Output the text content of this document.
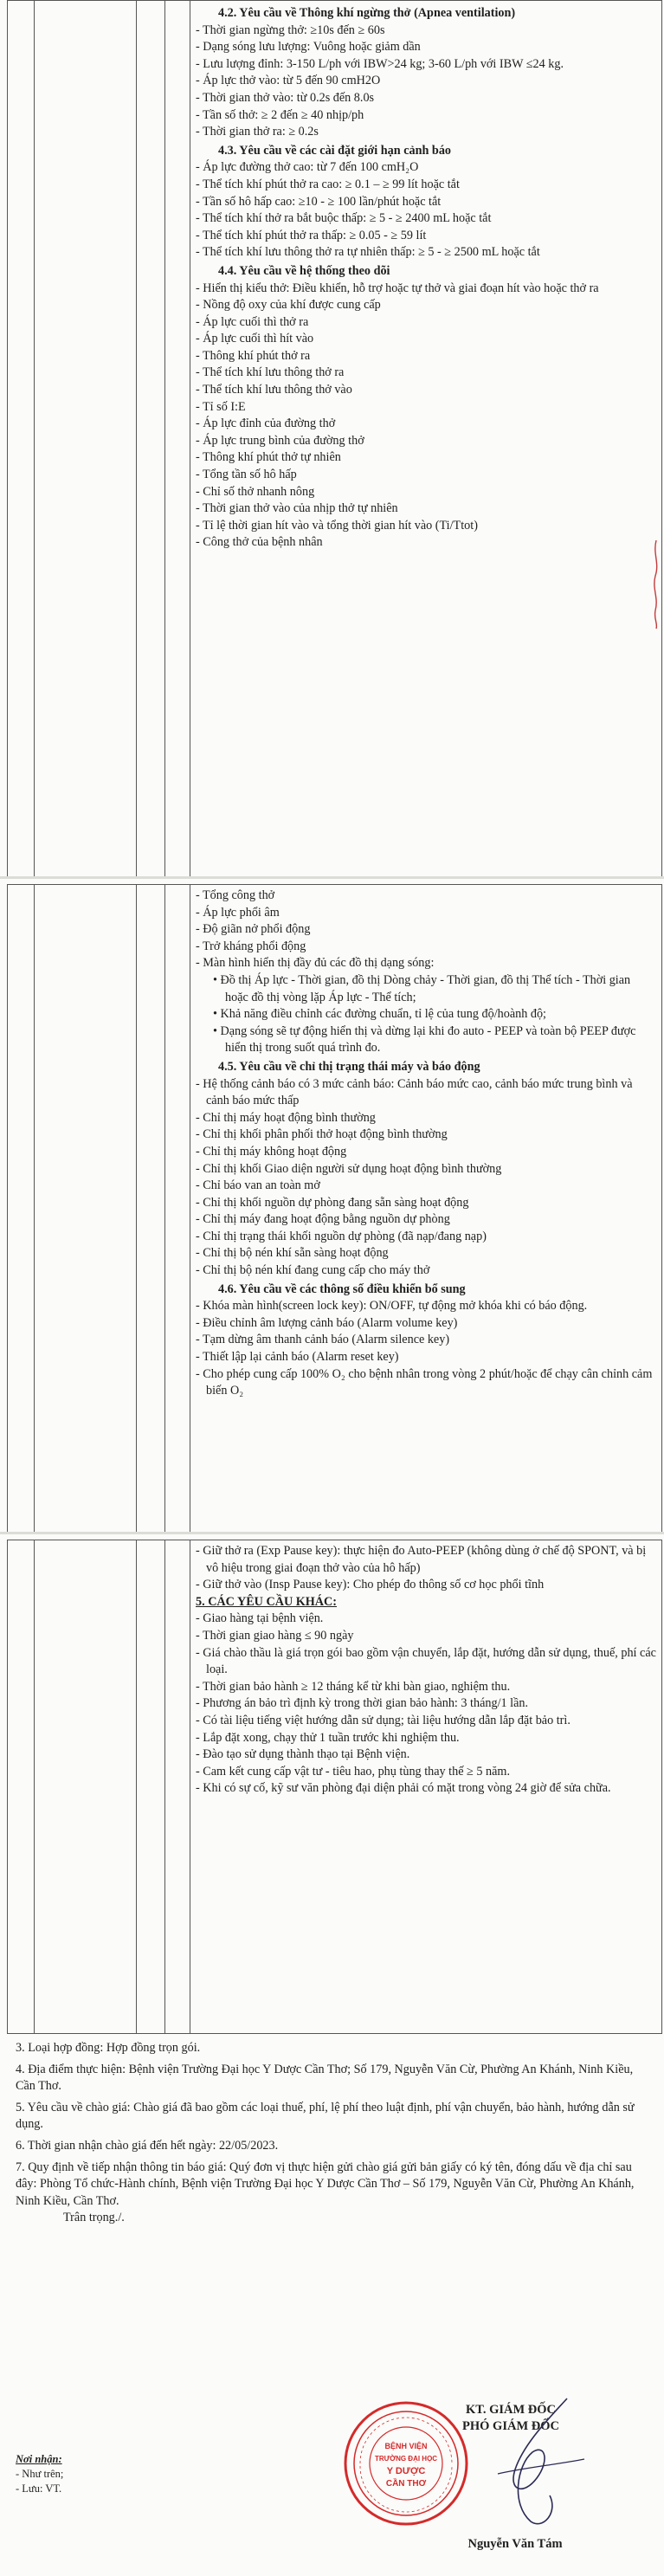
4.2. Yêu cầu về Thông khí ngừng thở (Apnea ventilation)

- Thời gian ngừng thở: ≥10s đến ≥ 60s

- Dạng sóng lưu lượng: Vuông hoặc giảm dần

- Lưu lượng đỉnh: 3-150 L/ph với IBW>24 kg; 3-60 L/ph với IBW ≤24 kg.

- Áp lực thở vào: từ 5 đến 90 cmH2O

- Thời gian thở vào: từ 0.2s đến 8.0s

- Tần số thở: ≥ 2 đến ≥ 40 nhịp/ph

- Thời gian thở ra: ≥ 0.2s

4.3. Yêu cầu về các cài đặt giới hạn cảnh báo

- Áp lực đường thở cao: từ 7 đến 100 cmH₂O

- Thể tích khí phút thở ra cao: ≥ 0.1 – ≥ 99 lít hoặc tắt

- Tần số hô hấp cao: ≥10 - ≥ 100 lần/phút hoặc tắt

- Thể tích khí thở ra bắt buộc thấp: ≥ 5 - ≥ 2400 mL hoặc tắt

- Thể tích khí phút thở ra thấp: ≥ 0.05 - ≥ 59 lít

- Thể tích khí lưu thông thở ra tự nhiên thấp: ≥ 5 - ≥ 2500 mL hoặc tắt

4.4. Yêu cầu về hệ thống theo dõi

- Hiển thị kiểu thở: Điều khiển, hỗ trợ hoặc tự thở và giai đoạn hít vào hoặc thở ra

- Nồng độ oxy của khí được cung cấp

- Áp lực cuối thì thở ra

- Áp lực cuối thì hít vào

- Thông khí phút thở ra

- Thể tích khí lưu thông thở ra

- Thể tích khí lưu thông thở vào

- Tỉ số I:E

- Áp lực đỉnh của đường thở

- Áp lực trung bình của đường thở

- Thông khí phút thở tự nhiên

- Tổng tần số hô hấp

- Chỉ số thở nhanh nông

- Thời gian thở vào của nhịp thở tự nhiên

- Tỉ lệ thời gian hít vào và tổng thời gian hít vào (Ti/Ttot)

- Công thở của bệnh nhân

- Tổng công thở

- Áp lực phổi âm

- Độ giãn nở phổi động

- Trở kháng phổi động

- Màn hình hiển thị đầy đủ các đồ thị dạng sóng:

• Đồ thị Áp lực - Thời gian, đồ thị Dòng chảy - Thời gian, đồ thị Thể tích - Thời gian hoặc đồ thị vòng lặp Áp lực - Thể tích;

• Khả năng điều chỉnh các đường chuẩn, tỉ lệ của tung độ/hoành độ;

• Dạng sóng sẽ tự động hiển thị và dừng lại khi đo auto - PEEP và toàn bộ PEEP được hiển thị trong suốt quá trình đo.

4.5. Yêu cầu về chỉ thị trạng thái máy và báo động

- Hệ thống cảnh báo có 3 mức cảnh báo: Cảnh báo mức cao, cảnh báo mức trung bình và cảnh báo mức thấp

- Chỉ thị máy hoạt động bình thường

- Chỉ thị khối phân phối thở hoạt động bình thường

- Chỉ thị máy không hoạt động

- Chỉ thị khối Giao diện người sử dụng hoạt động bình thường

- Chỉ báo van an toàn mở

- Chỉ thị khối nguồn dự phòng đang sẵn sàng hoạt động

- Chỉ thị máy đang hoạt động bằng nguồn dự phòng

- Chỉ thị trạng thái khối nguồn dự phòng (đã nạp/đang nạp)

- Chỉ thị bộ nén khí sẵn sàng hoạt động

- Chỉ thị bộ nén khí đang cung cấp cho máy thở

4.6. Yêu cầu về các thông số điều khiển bổ sung

- Khóa màn hình(screen lock key): ON/OFF, tự động mở khóa khi có báo động.

- Điều chỉnh âm lượng cảnh báo (Alarm volume key)

- Tạm dừng âm thanh cảnh báo (Alarm silence key)

- Thiết lập lại cảnh báo (Alarm reset key)

- Cho phép cung cấp 100% O₂ cho bệnh nhân trong vòng 2 phút/hoặc để chạy cân chỉnh cảm biến O₂

- Giữ thở ra (Exp Pause key): thực hiện đo Auto-PEEP (không dùng ở chế độ SPONT, và bị vô hiệu trong giai đoạn thở vào của hô hấp)

- Giữ thở vào (Insp Pause key): Cho phép đo thông số cơ học phổi tĩnh

5. CÁC YÊU CẦU KHÁC:

- Giao hàng tại bệnh viện.

- Thời gian giao hàng ≤ 90 ngày

- Giá chào thầu là giá trọn gói bao gồm vận chuyển, lắp đặt, hướng dẫn sử dụng, thuế, phí các loại.

- Thời gian bảo hành ≥ 12 tháng kể từ khi bàn giao, nghiệm thu.

- Phương án bảo trì định kỳ trong thời gian bảo hành: 3 tháng/1 lần.

- Có tài liệu tiếng việt hướng dẫn sử dụng; tài liệu hướng dẫn lắp đặt bảo trì.

- Lắp đặt xong, chạy thử 1 tuần trước khi nghiệm thu.

- Đào tạo sử dụng thành thạo tại Bệnh viện.

- Cam kết cung cấp vật tư - tiêu hao, phụ tùng thay thế ≥ 5 năm.

- Khi có sự cố, kỹ sư văn phòng đại diện phải có mặt trong vòng 24 giờ để sửa chữa.

3. Loại hợp đồng: Hợp đồng trọn gói.

4. Địa điểm thực hiện: Bệnh viện Trường Đại học Y Dược Cần Thơ; Số 179, Nguyễn Văn Cừ, Phường An Khánh, Ninh Kiều, Cần Thơ.

5. Yêu cầu về chào giá: Chào giá đã bao gồm các loại thuế, phí, lệ phí theo luật định, phí vận chuyển, bảo hành, hướng dẫn sử dụng.

6. Thời gian nhận chào giá đến hết ngày: 22/05/2023.

7. Quy định về tiếp nhận thông tin báo giá: Quý đơn vị thực hiện gửi chào giá gửi bản giấy có ký tên, đóng dấu về địa chỉ sau đây: Phòng Tổ chức-Hành chính, Bệnh viện Trường Đại học Y Dược Cần Thơ – Số 179, Nguyễn Văn Cừ, Phường An Khánh, Ninh Kiều, Cần Thơ.

Trân trọng./.

Nơi nhận:
- Như trên;
- Lưu: VT.
BỆNH VIỆN
TRƯỜNG ĐẠI HỌC
Y DƯỢC
CẦN THƠ
KT. GIÁM ĐỐC
PHÓ GIÁM ĐỐC
Nguyễn Văn Tám
